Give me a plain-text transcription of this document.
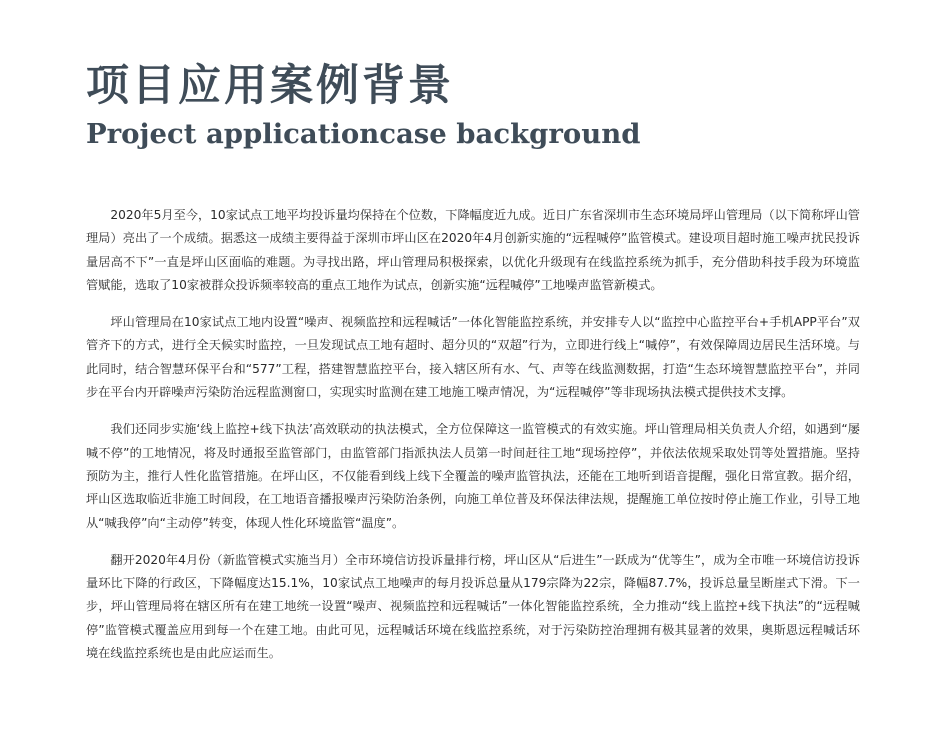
项目应用案例背景
Project applicationcase background

2020年5月至今，10家试点工地平均投诉量均保持在个位数，下降幅度近九成。近日广东省深圳市生态环境局坪山管理局（以下简称坪山管理局）亮出了一个成绩。据悉这一成绩主要得益于深圳市坪山区在2020年4月创新实施的“远程喊停”监管模式。建设项目超时施工噪声扰民投诉量居高不下”一直是坪山区面临的难题。为寻找出路，坪山管理局积极探索，以优化升级现有在线监控系统为抓手，充分借助科技手段为环境监管赋能，选取了10家被群众投诉频率较高的重点工地作为试点，创新实施“远程喊停”工地噪声监管新模式。

坪山管理局在10家试点工地内设置“噪声、视频监控和远程喊话”一体化智能监控系统，并安排专人以“监控中心监控平台+手机APP平台”双管齐下的方式，进行全天候实时监控，一旦发现试点工地有超时、超分贝的“双超”行为，立即进行线上“喊停”，有效保障周边居民生活环境。与此同时，结合智慧环保平台和“577”工程，搭建智慧监控平台，接入辖区所有水、气、声等在线监测数据，打造“生态环境智慧监控平台”，并同步在平台内开辟噪声污染防治远程监测窗口，实现实时监测在建工地施工噪声情况，为“远程喊停”等非现场执法模式提供技术支撑。

我们还同步实施‘线上监控+线下执法’高效联动的执法模式，全方位保障这一监管模式的有效实施。坪山管理局相关负责人介绍，如遇到“屡喊不停”的工地情况，将及时通报至监管部门，由监管部门指派执法人员第一时间赶往工地“现场控停”，并依法依规采取处罚等处置措施。坚持预防为主，推行人性化监管措施。在坪山区，不仅能看到线上线下全覆盖的噪声监管执法，还能在工地听到语音提醒，强化日常宣教。据介绍，坪山区选取临近非施工时间段，在工地语音播报噪声污染防治条例，向施工单位普及环保法律法规，提醒施工单位按时停止施工作业，引导工地从“喊我停”向“主动停”转变，体现人性化环境监管“温度”。

翻开2020年4月份（新监管模式实施当月）全市环境信访投诉量排行榜，坪山区从“后进生”一跃成为“优等生”，成为全市唯一环境信访投诉量环比下降的行政区，下降幅度达15.1%，10家试点工地噪声的每月投诉总量从179宗降为22宗，降幅87.7%，投诉总量呈断崖式下滑。下一步，坪山管理局将在辖区所有在建工地统一设置“噪声、视频监控和远程喊话”一体化智能监控系统，全力推动“线上监控+线下执法”的“远程喊停”监管模式覆盖应用到每一个在建工地。由此可见，远程喊话环境在线监控系统，对于污染防控治理拥有极其显著的效果，奥斯恩远程喊话环境在线监控系统也是由此应运而生。
